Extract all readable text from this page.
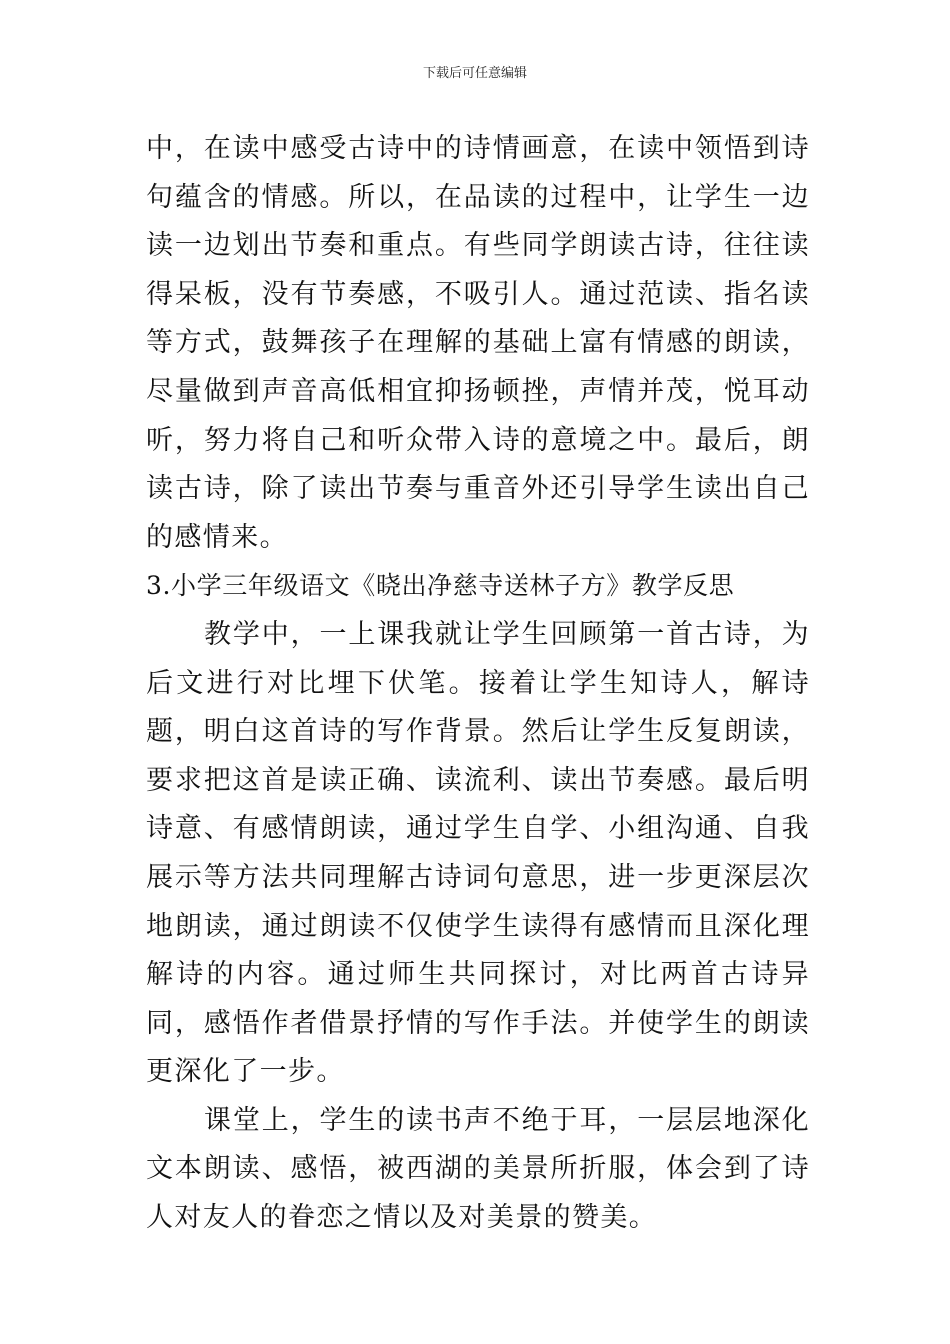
下载后可任意编辑

中，在读中感受古诗中的诗情画意，在读中领悟到诗句蕴含的情感。所以，在品读的过程中，让学生一边读一边划出节奏和重点。有些同学朗读古诗，往往读得呆板，没有节奏感，不吸引人。通过范读、指名读等方式，鼓舞孩子在理解的基础上富有情感的朗读，尽量做到声音高低相宜抑扬顿挫，声情并茂，悦耳动听，努力将自己和听众带入诗的意境之中。最后，朗读古诗，除了读出节奏与重音外还引导学生读出自己的感情来。

3.小学三年级语文《晓出净慈寺送林子方》教学反思

教学中，一上课我就让学生回顾第一首古诗，为后文进行对比埋下伏笔。接着让学生知诗人，解诗题，明白这首诗的写作背景。然后让学生反复朗读，要求把这首是读正确、读流利、读出节奏感。最后明诗意、有感情朗读，通过学生自学、小组沟通、自我展示等方法共同理解古诗词句意思，进一步更深层次地朗读，通过朗读不仅使学生读得有感情而且深化理解诗的内容。通过师生共同探讨，对比两首古诗异同，感悟作者借景抒情的写作手法。并使学生的朗读更深化了一步。

课堂上，学生的读书声不绝于耳，一层层地深化文本朗读、感悟，被西湖的美景所折服，体会到了诗人对友人的眷恋之情以及对美景的赞美。
